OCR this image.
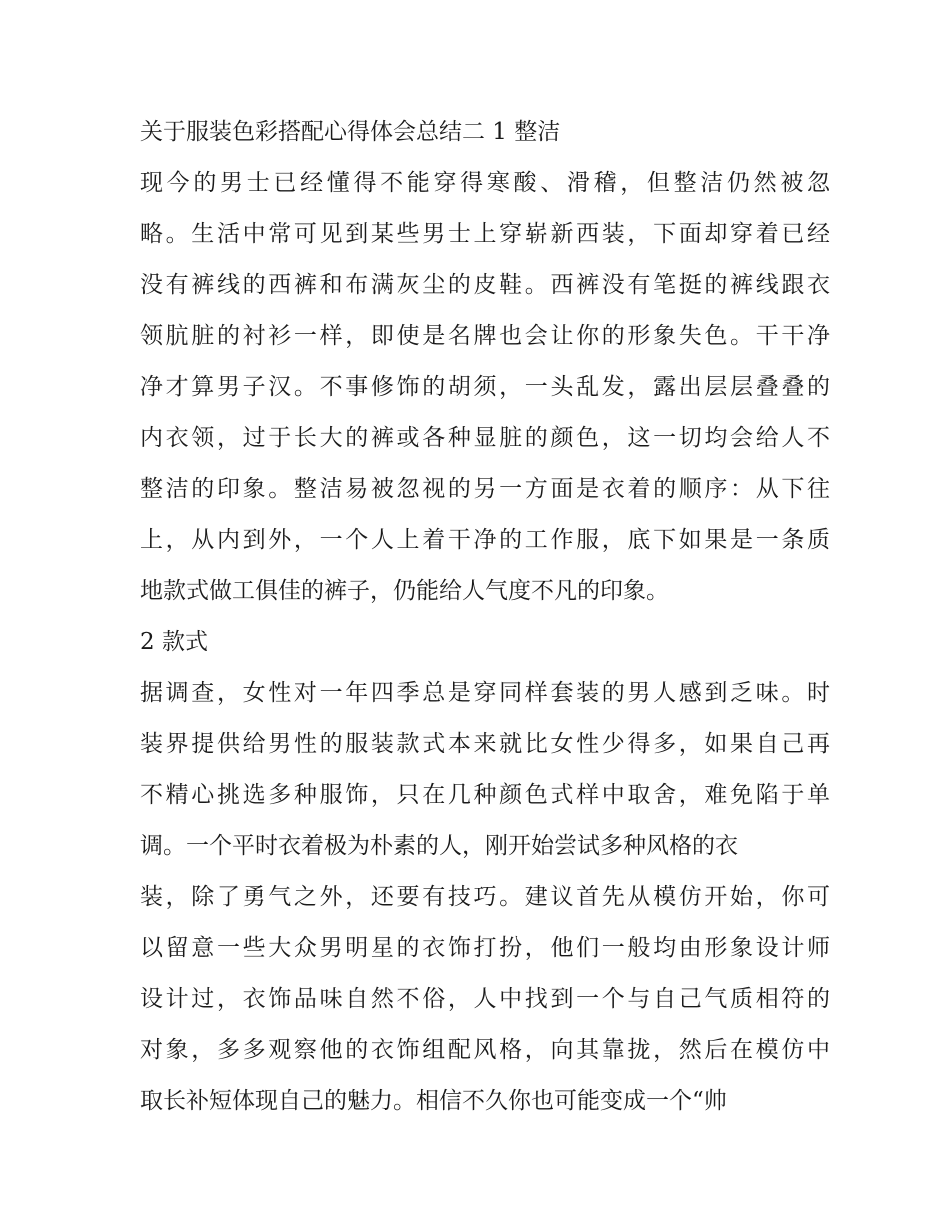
关于服装色彩搭配心得体会总结二 1 整洁

现今的男士已经懂得不能穿得寒酸、滑稽，但整洁仍然被忽

略。生活中常可见到某些男士上穿崭新西装，下面却穿着已经

没有裤线的西裤和布满灰尘的皮鞋。西裤没有笔挺的裤线跟衣

领肮脏的衬衫一样，即使是名牌也会让你的形象失色。干干净

净才算男子汉。不事修饰的胡须，一头乱发，露出层层叠叠的

内衣领，过于长大的裤或各种显脏的颜色，这一切均会给人不

整洁的印象。整洁易被忽视的另一方面是衣着的顺序：从下往

上，从内到外，一个人上着干净的工作服，底下如果是一条质

地款式做工俱佳的裤子，仍能给人气度不凡的印象。

2 款式

据调查，女性对一年四季总是穿同样套装的男人感到乏味。时

装界提供给男性的服装款式本来就比女性少得多，如果自己再

不精心挑选多种服饰，只在几种颜色式样中取舍，难免陷于单

调。一个平时衣着极为朴素的人，刚开始尝试多种风格的衣

装，除了勇气之外，还要有技巧。建议首先从模仿开始，你可

以留意一些大众男明星的衣饰打扮，他们一般均由形象设计师

设计过，衣饰品味自然不俗，人中找到一个与自己气质相符的

对象，多多观察他的衣饰组配风格，向其靠拢，然后在模仿中

取长补短体现自己的魅力。相信不久你也可能变成一个“帅
